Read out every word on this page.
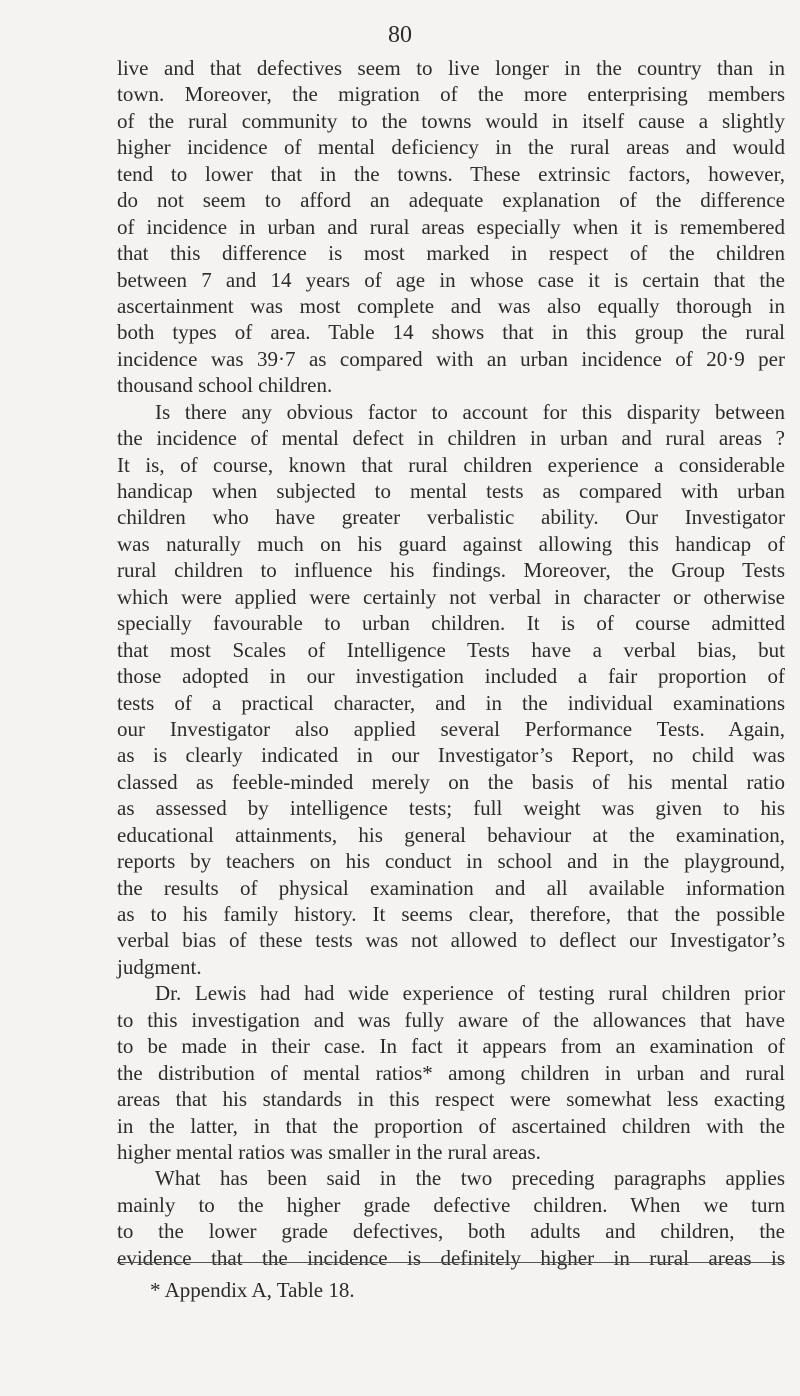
80
live and that defectives seem to live longer in the country than in
town. Moreover, the migration of the more enterprising members
of the rural community to the towns would in itself cause a slightly
higher incidence of mental deficiency in the rural areas and would
tend to lower that in the towns. These extrinsic factors, however,
do not seem to afford an adequate explanation of the difference
of incidence in urban and rural areas especially when it is remembered
that this difference is most marked in respect of the children
between 7 and 14 years of age in whose case it is certain that the
ascertainment was most complete and was also equally thorough in
both types of area. Table 14 shows that in this group the rural
incidence was 39·7 as compared with an urban incidence of 20·9 per
thousand school children.
Is there any obvious factor to account for this disparity between
the incidence of mental defect in children in urban and rural areas ?
It is, of course, known that rural children experience a considerable
handicap when subjected to mental tests as compared with urban
children who have greater verbalistic ability. Our Investigator
was naturally much on his guard against allowing this handicap of
rural children to influence his findings. Moreover, the Group Tests
which were applied were certainly not verbal in character or otherwise
specially favourable to urban children. It is of course admitted
that most Scales of Intelligence Tests have a verbal bias, but
those adopted in our investigation included a fair proportion of
tests of a practical character, and in the individual examinations
our Investigator also applied several Performance Tests. Again,
as is clearly indicated in our Investigator’s Report, no child was
classed as feeble-minded merely on the basis of his mental ratio
as assessed by intelligence tests; full weight was given to his
educational attainments, his general behaviour at the examination,
reports by teachers on his conduct in school and in the playground,
the results of physical examination and all available information
as to his family history. It seems clear, therefore, that the possible
verbal bias of these tests was not allowed to deflect our Investigator’s
judgment.
Dr. Lewis had had wide experience of testing rural children prior
to this investigation and was fully aware of the allowances that have
to be made in their case. In fact it appears from an examination of
the distribution of mental ratios* among children in urban and rural
areas that his standards in this respect were somewhat less exacting
in the latter, in that the proportion of ascertained children with the
higher mental ratios was smaller in the rural areas.
What has been said in the two preceding paragraphs applies
mainly to the higher grade defective children. When we turn
to the lower grade defectives, both adults and children, the
evidence that the incidence is definitely higher in rural areas is
* Appendix A, Table 18.
